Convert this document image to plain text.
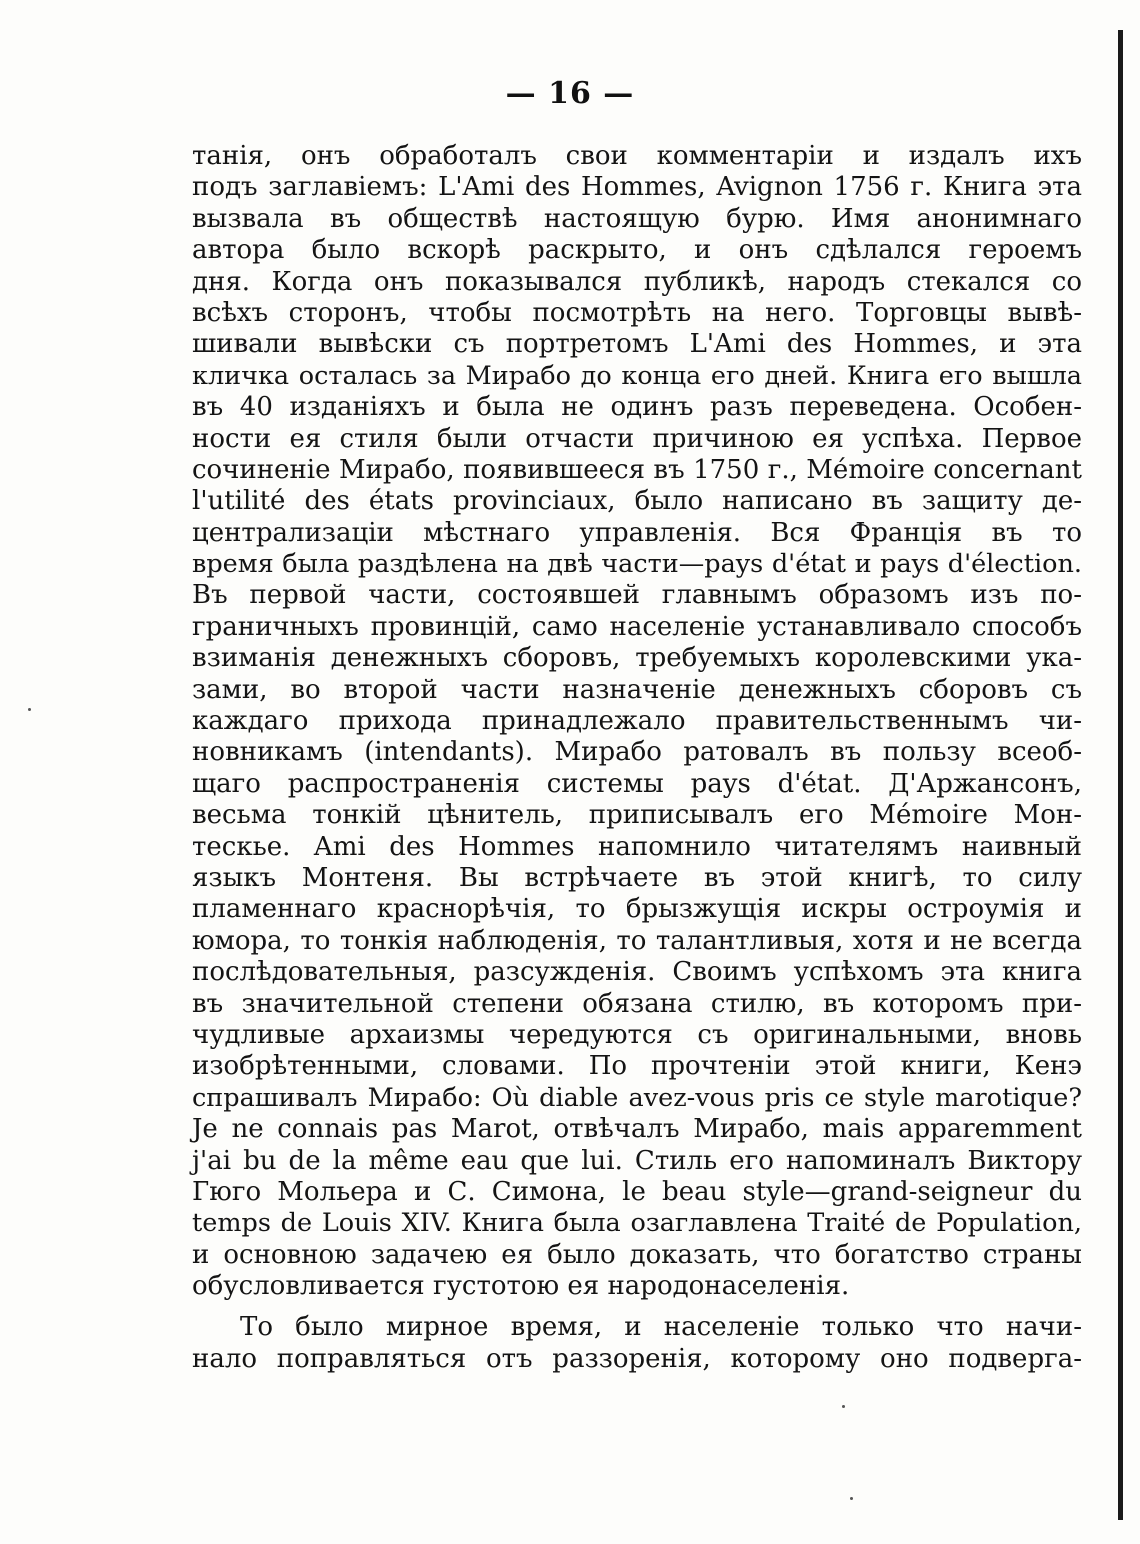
— 16 —
танія, онъ обработалъ свои комментаріи и издалъ ихъ
подъ заглавіемъ: L'Ami des Hommes, Avignon 1756 г. Книга эта
вызвала въ обществѣ настоящую бурю. Имя анонимнаго
автора было вскорѣ раскрыто, и онъ сдѣлался героемъ
дня. Когда онъ показывался публикѣ, народъ стекался со
всѣхъ сторонъ, чтобы посмотрѣть на него. Торговцы вывѣ-
шивали вывѣски съ портретомъ L'Ami des Hommes, и эта
кличка осталась за Мирабо до конца его дней. Книга его вышла
въ 40 изданіяхъ и была не одинъ разъ переведена. Особен-
ности ея стиля были отчасти причиною ея успѣха. Первое
сочиненіе Мирабо, появившееся въ 1750 г., Mémoire concernant
l'utilité des états provinciaux, было написано въ защиту де-
централизаціи мѣстнаго управленія. Вся Франція въ то
время была раздѣлена на двѣ части—pays d'état и pays d'élection.
Въ первой части, состоявшей главнымъ образомъ изъ по-
граничныхъ провинцій, само населеніе устанавливало способъ
взиманія денежныхъ сборовъ, требуемыхъ королевскими ука-
зами, во второй части назначеніе денежныхъ сборовъ съ
каждаго прихода принадлежало правительственнымъ чи-
новникамъ (intendants). Мирабо ратовалъ въ пользу всеоб-
щаго распространенія системы pays d'état. Д'Аржансонъ,
весьма тонкій цѣнитель, приписывалъ его Mémoire Мон-
тескье. Ami des Hommes напомнило читателямъ наивный
языкъ Монтеня. Вы встрѣчаете въ этой книгѣ, то силу
пламеннаго краснорѣчія, то брызжущія искры остроумія и
юмора, то тонкія наблюденія, то талантливыя, хотя и не всегда
послѣдовательныя, разсужденія. Своимъ успѣхомъ эта книга
въ значительной степени обязана стилю, въ которомъ при-
чудливые архаизмы чередуются съ оригинальными, вновь
изобрѣтенными, словами. По прочтеніи этой книги, Кенэ
спрашивалъ Мирабо: Où diable avez-vous pris ce style marotique?
Je ne connais pas Marot, отвѣчалъ Мирабо, mais apparemment
j'ai bu de la même eau que lui. Стиль его напоминалъ Виктору
Гюго Мольера и С. Симона, le beau style—grand-seigneur du
temps de Louis XIV. Книга была озаглавлена Traité de Population,
и основною задачею ея было доказать, что богатство страны
обусловливается густотою ея народонаселенія.
То было мирное время, и населеніе только что начи-
нало поправляться отъ раззоренія, которому оно подверга-
